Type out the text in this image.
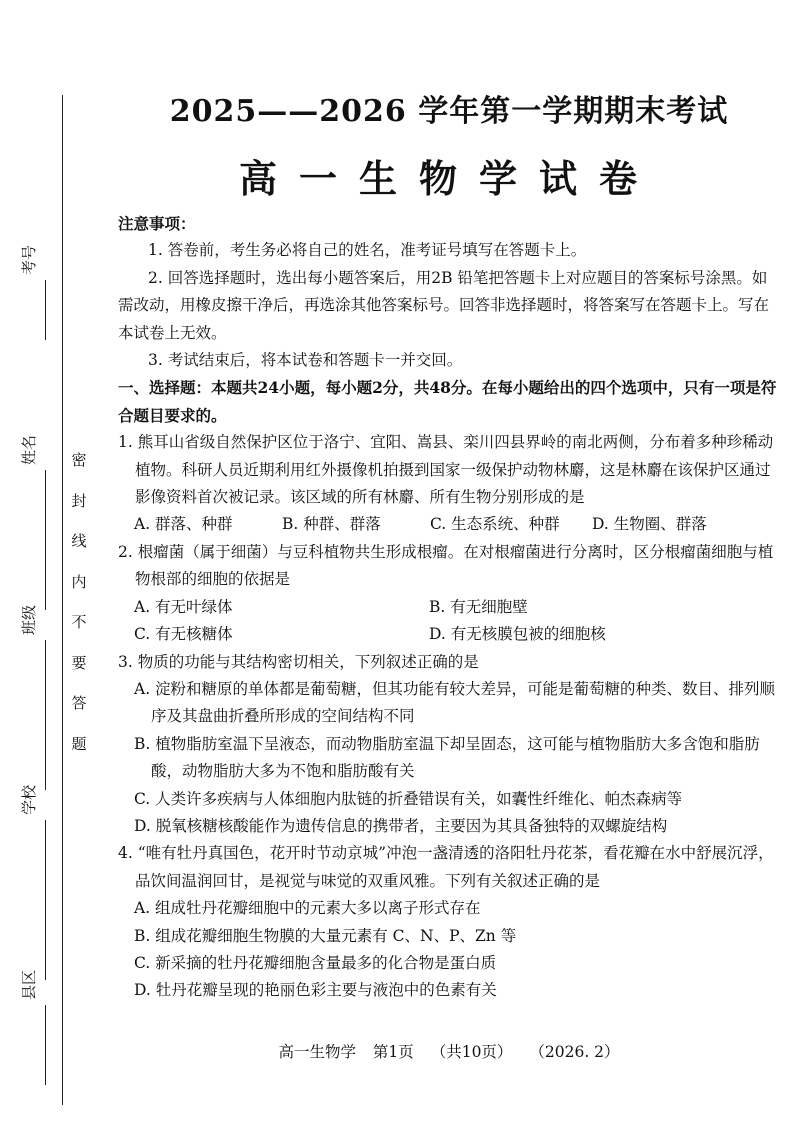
考号
姓名
班级
学校
县区
密
封
线
内
不
要
答
题
2025——2026 学年第一学期期末考试
高一生物学试卷

注意事项：

1. 答卷前，考生务必将自己的姓名，准考证号填写在答题卡上。

2. 回答选择题时，选出每小题答案后，用2B 铅笔把答题卡上对应题目的答案标号涂黑。如需改动，用橡皮擦干净后，再选涂其他答案标号。回答非选择题时，将答案写在答题卡上。写在本试卷上无效。

3. 考试结束后，将本试卷和答题卡一并交回。

一、选择题：本题共24小题，每小题2分，共48分。在每小题给出的四个选项中，只有一项是符合题目要求的。

1. 熊耳山省级自然保护区位于洛宁、宜阳、嵩县、栾川四县界岭的南北两侧，分布着多种珍稀动植物。科研人员近期利用红外摄像机拍摄到国家一级保护动物林麝，这是林麝在该保护区通过影像资料首次被记录。该区域的所有林麝、所有生物分别形成的是

A. 群落、种群	B. 种群、群落	C. 生态系统、种群	D. 生物圈、群落

2. 根瘤菌（属于细菌）与豆科植物共生形成根瘤。在对根瘤菌进行分离时，区分根瘤菌细胞与植物根部的细胞的依据是

A. 有无叶绿体	B. 有无细胞壁
C. 有无核糖体	D. 有无核膜包被的细胞核

3. 物质的功能与其结构密切相关，下列叙述正确的是

A. 淀粉和糖原的单体都是葡萄糖，但其功能有较大差异，可能是葡萄糖的种类、数目、排列顺序及其盘曲折叠所形成的空间结构不同

B. 植物脂肪室温下呈液态，而动物脂肪室温下却呈固态，这可能与植物脂肪大多含饱和脂肪酸，动物脂肪大多为不饱和脂肪酸有关

C. 人类许多疾病与人体细胞内肽链的折叠错误有关，如囊性纤维化、帕杰森病等

D. 脱氧核糖核酸能作为遗传信息的携带者，主要因为其具备独特的双螺旋结构

4. “唯有牡丹真国色，花开时节动京城”冲泡一盏清透的洛阳牡丹花茶，看花瓣在水中舒展沉浮，品饮间温润回甘，是视觉与味觉的双重风雅。下列有关叙述正确的是

A. 组成牡丹花瓣细胞中的元素大多以离子形式存在

B. 组成花瓣细胞生物膜的大量元素有 C、N、P、Zn 等

C. 新采摘的牡丹花瓣细胞含量最多的化合物是蛋白质

D. 牡丹花瓣呈现的艳丽色彩主要与液泡中的色素有关

高一生物学 第1页 （共10页） （2026. 2）
